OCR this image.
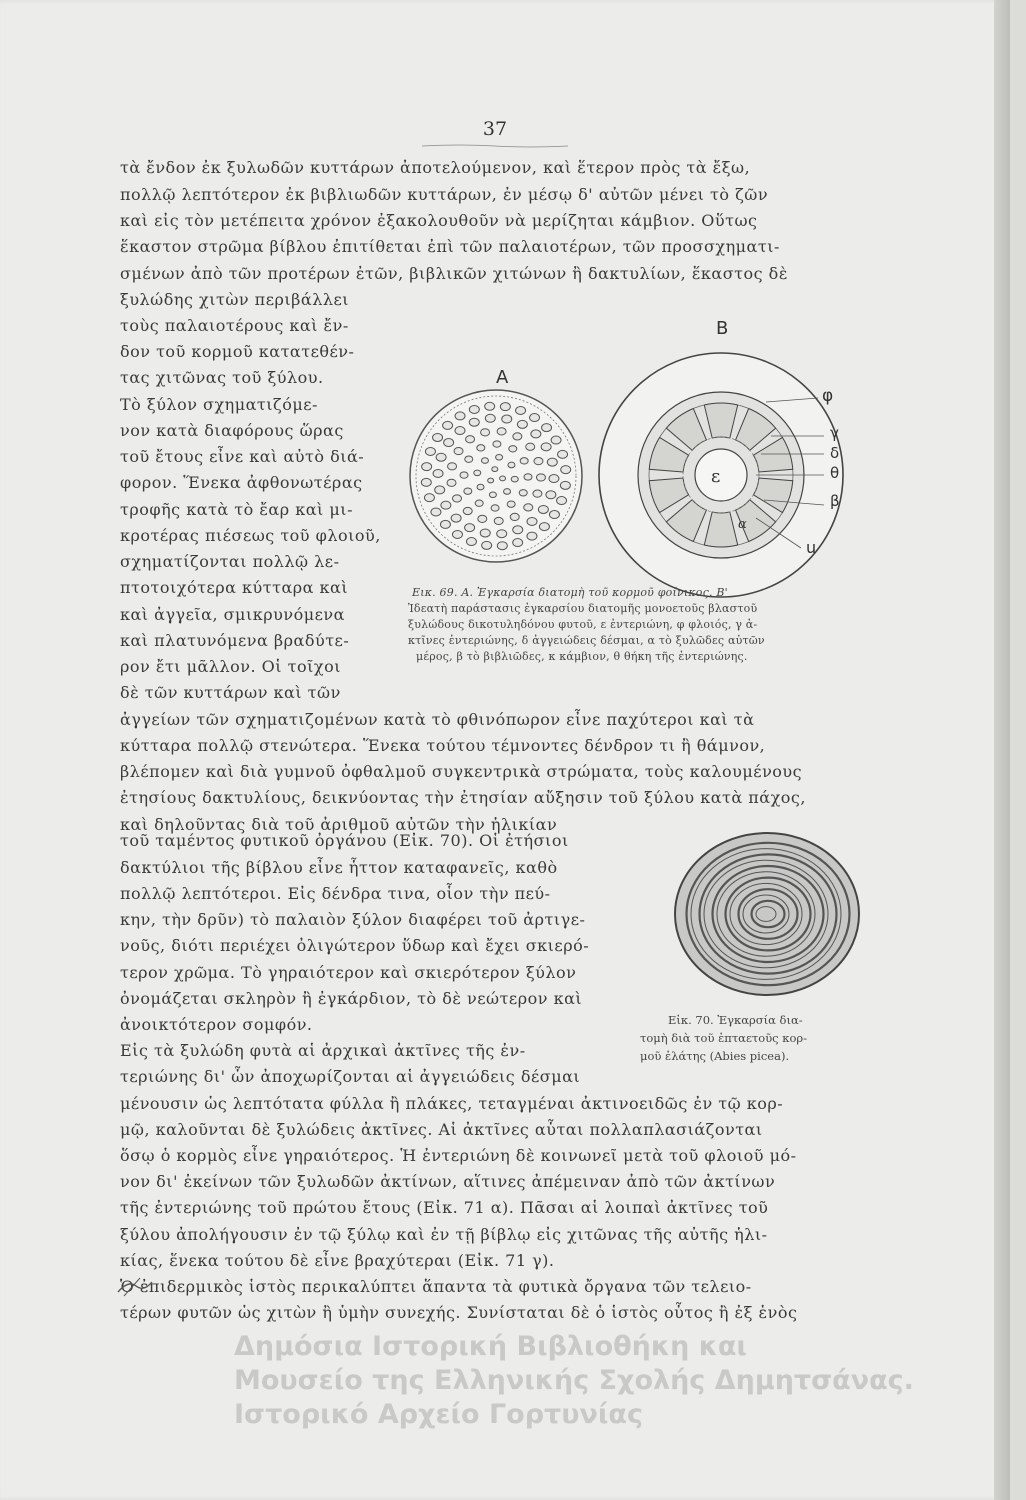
37
τὰ ἔνδον ἐκ ξυλωδῶν κυττάρων ἀποτελούμενον, καὶ ἕτερον πρὸς τὰ ἔξω,
πολλῷ λεπτότερον ἐκ βιβλιωδῶν κυττάρων, ἐν μέσῳ δ' αὐτῶν μένει τὸ ζῶν
καὶ εἰς τὸν μετέπειτα χρόνον ἐξακολουθοῦν νὰ μερίζηται κάμβιον. Οὕτως
ἕκαστον στρῶμα βίβλου ἐπιτίθεται ἐπὶ τῶν παλαιοτέρων, τῶν προσσχηματι-
σμένων ἀπὸ τῶν προτέρων ἐτῶν, βιβλικῶν χιτώνων ἢ δακτυλίων, ἕκαστος δὲ
ξυλώδης χιτὼν περιβάλλει
τοὺς παλαιοτέρους καὶ ἔν-
δον τοῦ κορμοῦ κατατεθέν-
τας χιτῶνας τοῦ ξύλου.
Τὸ ξύλον σχηματιζόμε-
νον κατὰ διαφόρους ὥρας
τοῦ ἔτους εἶνε καὶ αὐτὸ διά-
φορον. Ἕνεκα ἀφθονωτέρας
τροφῆς κατὰ τὸ ἔαρ καὶ μι-
κροτέρας πιέσεως τοῦ φλοιοῦ,
σχηματίζονται πολλῷ λε-
πτοτοιχότερα κύτταρα καὶ
καὶ ἀγγεῖα, σμικρυνόμενα
καὶ πλατυνόμενα βραδύτε-
ρον ἔτι μᾶλλον. Οἱ τοῖχοι
δὲ τῶν κυττάρων καὶ τῶν
A
B
ε
α
φ
γ
δ
θ
β
u
Εικ. 69. Α. Ἐγκαρσία διατομὴ τοῦ κορμοῦ φοίνικος. Β'
Ἰδεατὴ παράστασις ἐγκαρσίου διατομῆς μονοετοῦς βλαστοῦ
ξυλώδους δικοτυληδόνου φυτοῦ, ε ἐντεριώνη, φ φλοιός, γ ἀ-
κτῖνες ἐντεριώνης, δ ἀγγειώδεις δέσμαι, α τὸ ξυλῶδες αὐτῶν
μέρος, β τὸ βιβλιῶδες, κ κάμβιον, θ θήκη τῆς ἐντεριώνης.
ἀγγείων τῶν σχηματιζομένων κατὰ τὸ φθινόπωρον εἶνε παχύτεροι καὶ τὰ
κύτταρα πολλῷ στενώτερα. Ἕνεκα τούτου τέμνοντες δένδρον τι ἢ θάμνον,
βλέπομεν καὶ διὰ γυμνοῦ ὀφθαλμοῦ συγκεντρικὰ στρώματα, τοὺς καλουμένους
ἐτησίους δακτυλίους, δεικνύοντας τὴν ἐτησίαν αὔξησιν τοῦ ξύλου κατὰ πάχος,
καὶ δηλοῦντας διὰ τοῦ ἀριθμοῦ αὐτῶν τὴν ἡλικίαν
τοῦ ταμέντος φυτικοῦ ὀργάνου (Εἰκ. 70). Οἱ ἐτήσιοι
δακτύλιοι τῆς βίβλου εἶνε ἧττον καταφανεῖς, καθὸ
πολλῷ λεπτότεροι. Εἰς δένδρα τινα, οἷον τὴν πεύ-
κην, τὴν δρῦν) τὸ παλαιὸν ξύλον διαφέρει τοῦ ἀρτιγε-
νοῦς, διότι περιέχει ὀλιγώτερον ὕδωρ καὶ ἔχει σκιερό-
τερον χρῶμα. Τὸ γηραιότερον καὶ σκιερότερον ξύλον
ὀνομάζεται σκληρὸν ἢ ἐγκάρδιον, τὸ δὲ νεώτερον καὶ
ἀνοικτότερον σομφόν.
Εἰς τὰ ξυλώδη φυτὰ αἱ ἀρχικαὶ ἀκτῖνες τῆς ἐν-
τεριώνης δι' ὧν ἀποχωρίζονται αἱ ἀγγειώδεις δέσμαι
Εἰκ. 70. Ἐγκαρσία δια-
τομὴ διὰ τοῦ ἑπταετοῦς κορ-
μοῦ ἐλάτης (Abies picea).
μένουσιν ὡς λεπτότατα φύλλα ἢ πλάκες, τεταγμέναι ἀκτινοειδῶς ἐν τῷ κορ-
μῷ, καλοῦνται δὲ ξυλώδεις ἀκτῖνες. Αἱ ἀκτῖνες αὗται πολλαπλασιάζονται
ὅσῳ ὁ κορμὸς εἶνε γηραιότερος. Ἡ ἐντεριώνη δὲ κοινωνεῖ μετὰ τοῦ φλοιοῦ μό-
νον δι' ἐκείνων τῶν ξυλωδῶν ἀκτίνων, αἵτινες ἀπέμειναν ἀπὸ τῶν ἀκτίνων
τῆς ἐντεριώνης τοῦ πρώτου ἔτους (Εἰκ. 71 α). Πᾶσαι αἱ λοιπαὶ ἀκτῖνες τοῦ
ξύλου ἀπολήγουσιν ἐν τῷ ξύλῳ καὶ ἐν τῇ βίβλῳ εἰς χιτῶνας τῆς αὐτῆς ἡλι-
κίας, ἕνεκα τούτου δὲ εἶνε βραχύτεραι (Εἰκ. 71 γ).
Ὁ ἐπιδερμικὸς ἱστὸς περικαλύπτει ἅπαντα τὰ φυτικὰ ὄργανα τῶν τελειο-
τέρων φυτῶν ὡς χιτὼν ἢ ὑμὴν συνεχής. Συνίσταται δὲ ὁ ἱστὸς οὗτος ἢ ἐξ ἑνὸς
Δημόσια Ιστορική Βιβλιοθήκη και
Μουσείο της Ελληνικής Σχολής Δημητσάνας.
Ιστορικό Αρχείο Γορτυνίας
